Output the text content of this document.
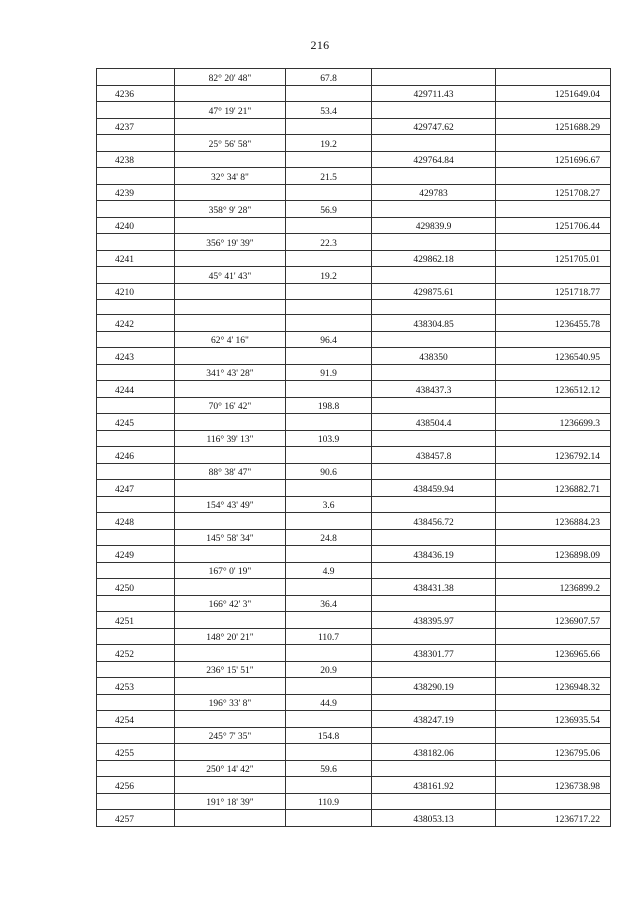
216
	82° 20' 48"	67.8		
4236			429711.43	1251649.04
	47° 19' 21"	53.4		
4237			429747.62	1251688.29
	25° 56' 58"	19.2		
4238			429764.84	1251696.67
	32° 34' 8"	21.5		
4239			429783	1251708.27
	358° 9' 28"	56.9		
4240			429839.9	1251706.44
	356° 19' 39"	22.3		
4241			429862.18	1251705.01
	45° 41' 43"	19.2		
4210			429875.61	1251718.77

4242			438304.85	1236455.78
	62° 4' 16"	96.4		
4243			438350	1236540.95
	341° 43' 28"	91.9		
4244			438437.3	1236512.12
	70° 16' 42"	198.8		
4245			438504.4	1236699.3
	116° 39' 13"	103.9		
4246			438457.8	1236792.14
	88° 38' 47"	90.6		
4247			438459.94	1236882.71
	154° 43' 49"	3.6		
4248			438456.72	1236884.23
	145° 58' 34"	24.8		
4249			438436.19	1236898.09
	167° 0' 19"	4.9		
4250			438431.38	1236899.2
	166° 42' 3"	36.4		
4251			438395.97	1236907.57
	148° 20' 21"	110.7		
4252			438301.77	1236965.66
	236° 15' 51"	20.9		
4253			438290.19	1236948.32
	196° 33' 8"	44.9		
4254			438247.19	1236935.54
	245° 7' 35"	154.8		
4255			438182.06	1236795.06
	250° 14' 42"	59.6		
4256			438161.92	1236738.98
	191° 18' 39"	110.9		
4257			438053.13	1236717.22
